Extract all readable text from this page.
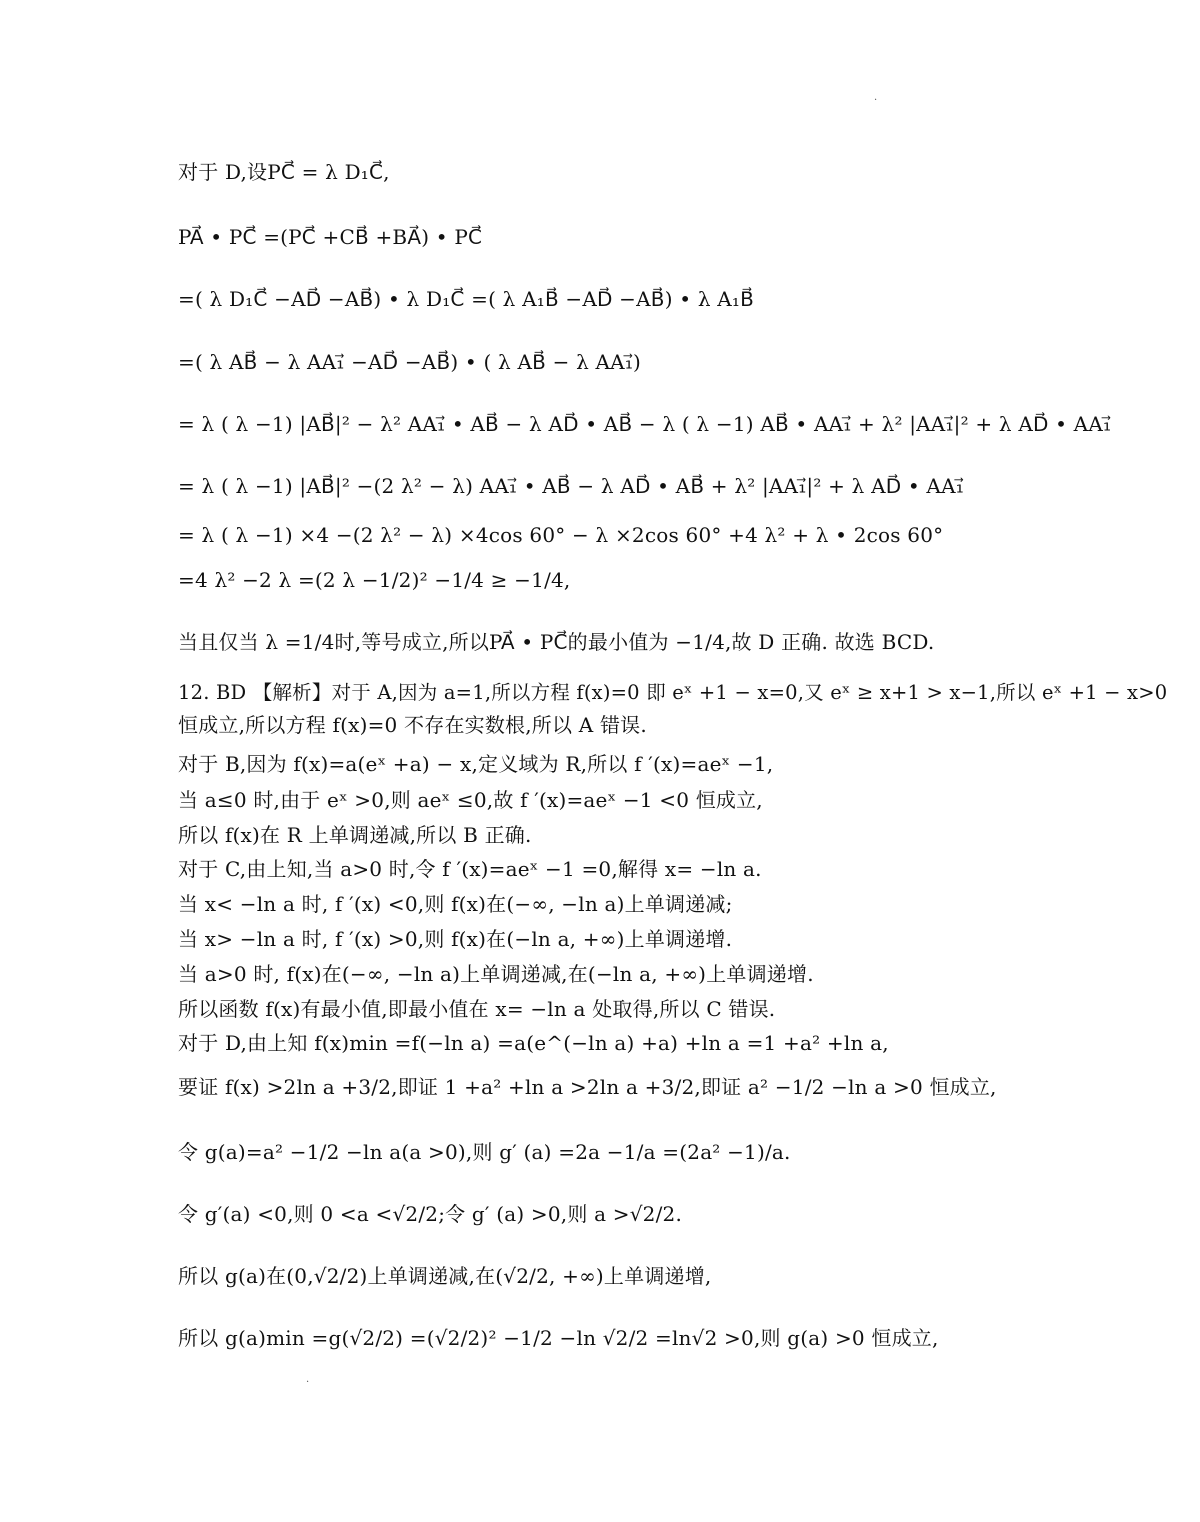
.
.
对于 D,设PC⃗ = λ D₁C⃗,
PA⃗ • PC⃗ =(PC⃗ +CB⃗ +BA⃗) • PC⃗
=( λ D₁C⃗ −AD⃗ −AB⃗) • λ D₁C⃗ =( λ A₁B⃗ −AD⃗ −AB⃗) • λ A₁B⃗
=( λ AB⃗ − λ AA₁⃗ −AD⃗ −AB⃗) • ( λ AB⃗ − λ AA₁⃗)
= λ ( λ −1) |AB⃗|² − λ² AA₁⃗ • AB⃗ − λ AD⃗ • AB⃗ − λ ( λ −1) AB⃗ • AA₁⃗ + λ² |AA₁⃗|² + λ AD⃗ • AA₁⃗
= λ ( λ −1) |AB⃗|² −(2 λ² − λ) AA₁⃗ • AB⃗ − λ AD⃗ • AB⃗ + λ² |AA₁⃗|² + λ AD⃗ • AA₁⃗
= λ ( λ −1) ×4 −(2 λ² − λ) ×4cos 60° − λ ×2cos 60° +4 λ² + λ • 2cos 60°
=4 λ² −2 λ =(2 λ −1/2)² −1/4 ≥ −1/4,
当且仅当 λ =1/4时,等号成立,所以PA⃗ • PC⃗的最小值为 −1/4,故 D 正确. 故选 BCD.
12. BD 【解析】对于 A,因为 a=1,所以方程 f(x)=0 即 eˣ +1 − x=0,又 eˣ ≥ x+1 > x−1,所以 eˣ +1 − x>0
恒成立,所以方程 f(x)=0 不存在实数根,所以 A 错误.
对于 B,因为 f(x)=a(eˣ +a) − x,定义域为 R,所以 f ′(x)=aeˣ −1,
当 a≤0 时,由于 eˣ >0,则 aeˣ ≤0,故 f ′(x)=aeˣ −1 <0 恒成立,
所以 f(x)在 R 上单调递减,所以 B 正确.
对于 C,由上知,当 a>0 时,令 f ′(x)=aeˣ −1 =0,解得 x= −ln a.
当 x< −ln a 时, f ′(x) <0,则 f(x)在(−∞, −ln a)上单调递减;
当 x> −ln a 时, f ′(x) >0,则 f(x)在(−ln a, +∞)上单调递增.
当 a>0 时, f(x)在(−∞, −ln a)上单调递减,在(−ln a, +∞)上单调递增.
所以函数 f(x)有最小值,即最小值在 x= −ln a 处取得,所以 C 错误.
对于 D,由上知 f(x)min =f(−ln a) =a(e^(−ln a) +a) +ln a =1 +a² +ln a,
要证 f(x) >2ln a +3/2,即证 1 +a² +ln a >2ln a +3/2,即证 a² −1/2 −ln a >0 恒成立,
令 g(a)=a² −1/2 −ln a(a >0),则 g′ (a) =2a −1/a =(2a² −1)/a.
令 g′(a) <0,则 0 <a <√2/2;令 g′ (a) >0,则 a >√2/2.
所以 g(a)在(0,√2/2)上单调递减,在(√2/2, +∞)上单调递增,
所以 g(a)min =g(√2/2) =(√2/2)² −1/2 −ln √2/2 =ln√2 >0,则 g(a) >0 恒成立,
